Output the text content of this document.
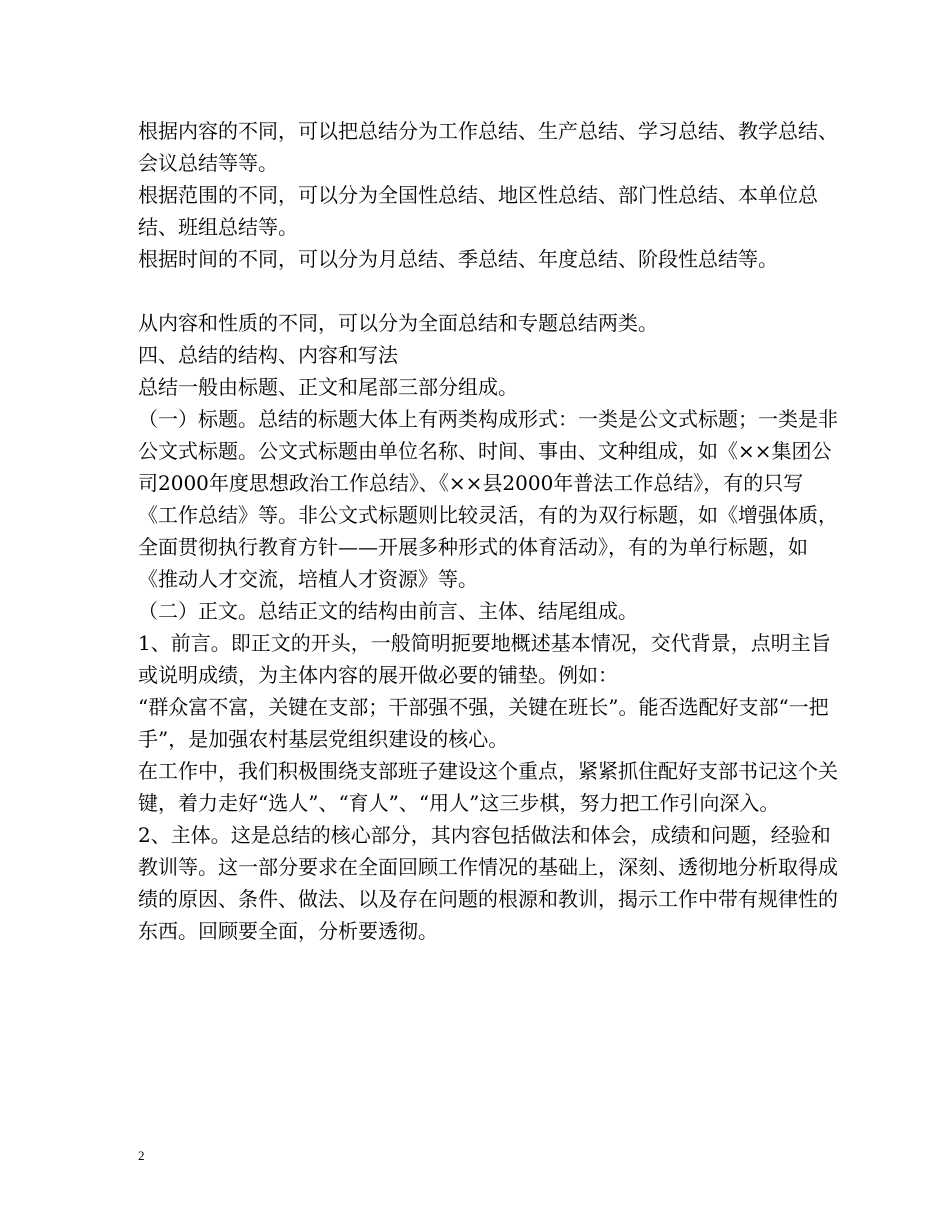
根据内容的不同，可以把总结分为工作总结、生产总结、学习总结、教学总结、会议总结等等。

根据范围的不同，可以分为全国性总结、地区性总结、部门性总结、本单位总结、班组总结等。

根据时间的不同，可以分为月总结、季总结、年度总结、阶段性总结等。

从内容和性质的不同，可以分为全面总结和专题总结两类。

四、总结的结构、内容和写法

总结一般由标题、正文和尾部三部分组成。

（一）标题。总结的标题大体上有两类构成形式：一类是公文式标题；一类是非公文式标题。公文式标题由单位名称、时间、事由、文种组成，如《××集团公司2000年度思想政治工作总结》、《××县2000年普法工作总结》，有的只写《工作总结》等。非公文式标题则比较灵活，有的为双行标题，如《增强体质，全面贯彻执行教育方针——开展多种形式的体育活动》，有的为单行标题，如《推动人才交流，培植人才资源》等。

（二）正文。总结正文的结构由前言、主体、结尾组成。

1、前言。即正文的开头，一般简明扼要地概述基本情况，交代背景，点明主旨或说明成绩，为主体内容的展开做必要的铺垫。例如：

“群众富不富，关键在支部；干部强不强，关键在班长”。能否选配好支部“一把手”，是加强农村基层党组织建设的核心。

在工作中，我们积极围绕支部班子建设这个重点，紧紧抓住配好支部书记这个关键，着力走好“选人”、“育人”、“用人”这三步棋，努力把工作引向深入。

2、主体。这是总结的核心部分，其内容包括做法和体会，成绩和问题，经验和教训等。这一部分要求在全面回顾工作情况的基础上，深刻、透彻地分析取得成绩的原因、条件、做法、以及存在问题的根源和教训，揭示工作中带有规律性的东西。回顾要全面，分析要透彻。

2
